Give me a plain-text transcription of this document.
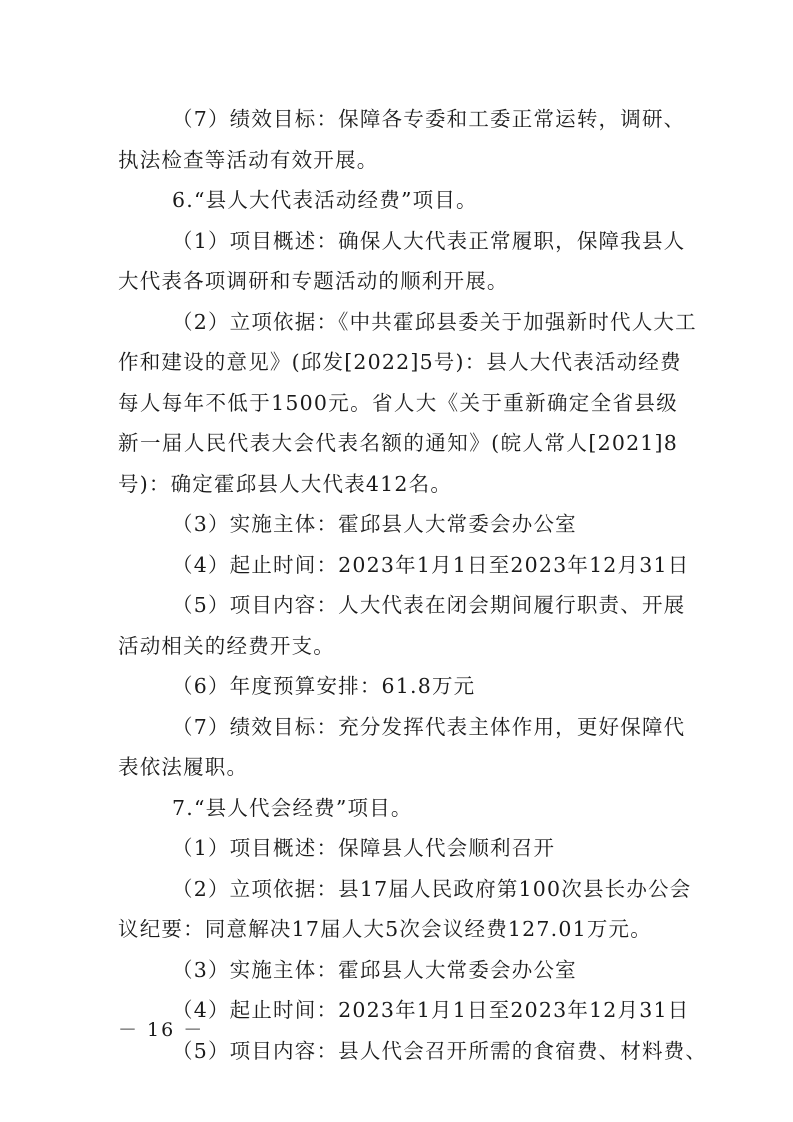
（7）绩效目标：保障各专委和工委正常运转，调研、
执法检查等活动有效开展。
6.“县人大代表活动经费”项目。
（1）项目概述：确保人大代表正常履职，保障我县人
大代表各项调研和专题活动的顺利开展。
（2）立项依据：《中共霍邱县委关于加强新时代人大工
作和建设的意见》(邱发[2022]5号)：县人大代表活动经费
每人每年不低于1500元。省人大《关于重新确定全省县级
新一届人民代表大会代表名额的通知》(皖人常人[2021]8
号)：确定霍邱县人大代表412名。
（3）实施主体：霍邱县人大常委会办公室
（4）起止时间：2023年1月1日至2023年12月31日
（5）项目内容：人大代表在闭会期间履行职责、开展
活动相关的经费开支。
（6）年度预算安排：61.8万元
（7）绩效目标：充分发挥代表主体作用，更好保障代
表依法履职。
7.“县人代会经费”项目。
（1）项目概述：保障县人代会顺利召开
（2）立项依据：县17届人民政府第100次县长办公会
议纪要：同意解决17届人大5次会议经费127.01万元。
（3）实施主体：霍邱县人大常委会办公室
（4）起止时间：2023年1月1日至2023年12月31日
（5）项目内容：县人代会召开所需的食宿费、材料费、
－ 16 －
